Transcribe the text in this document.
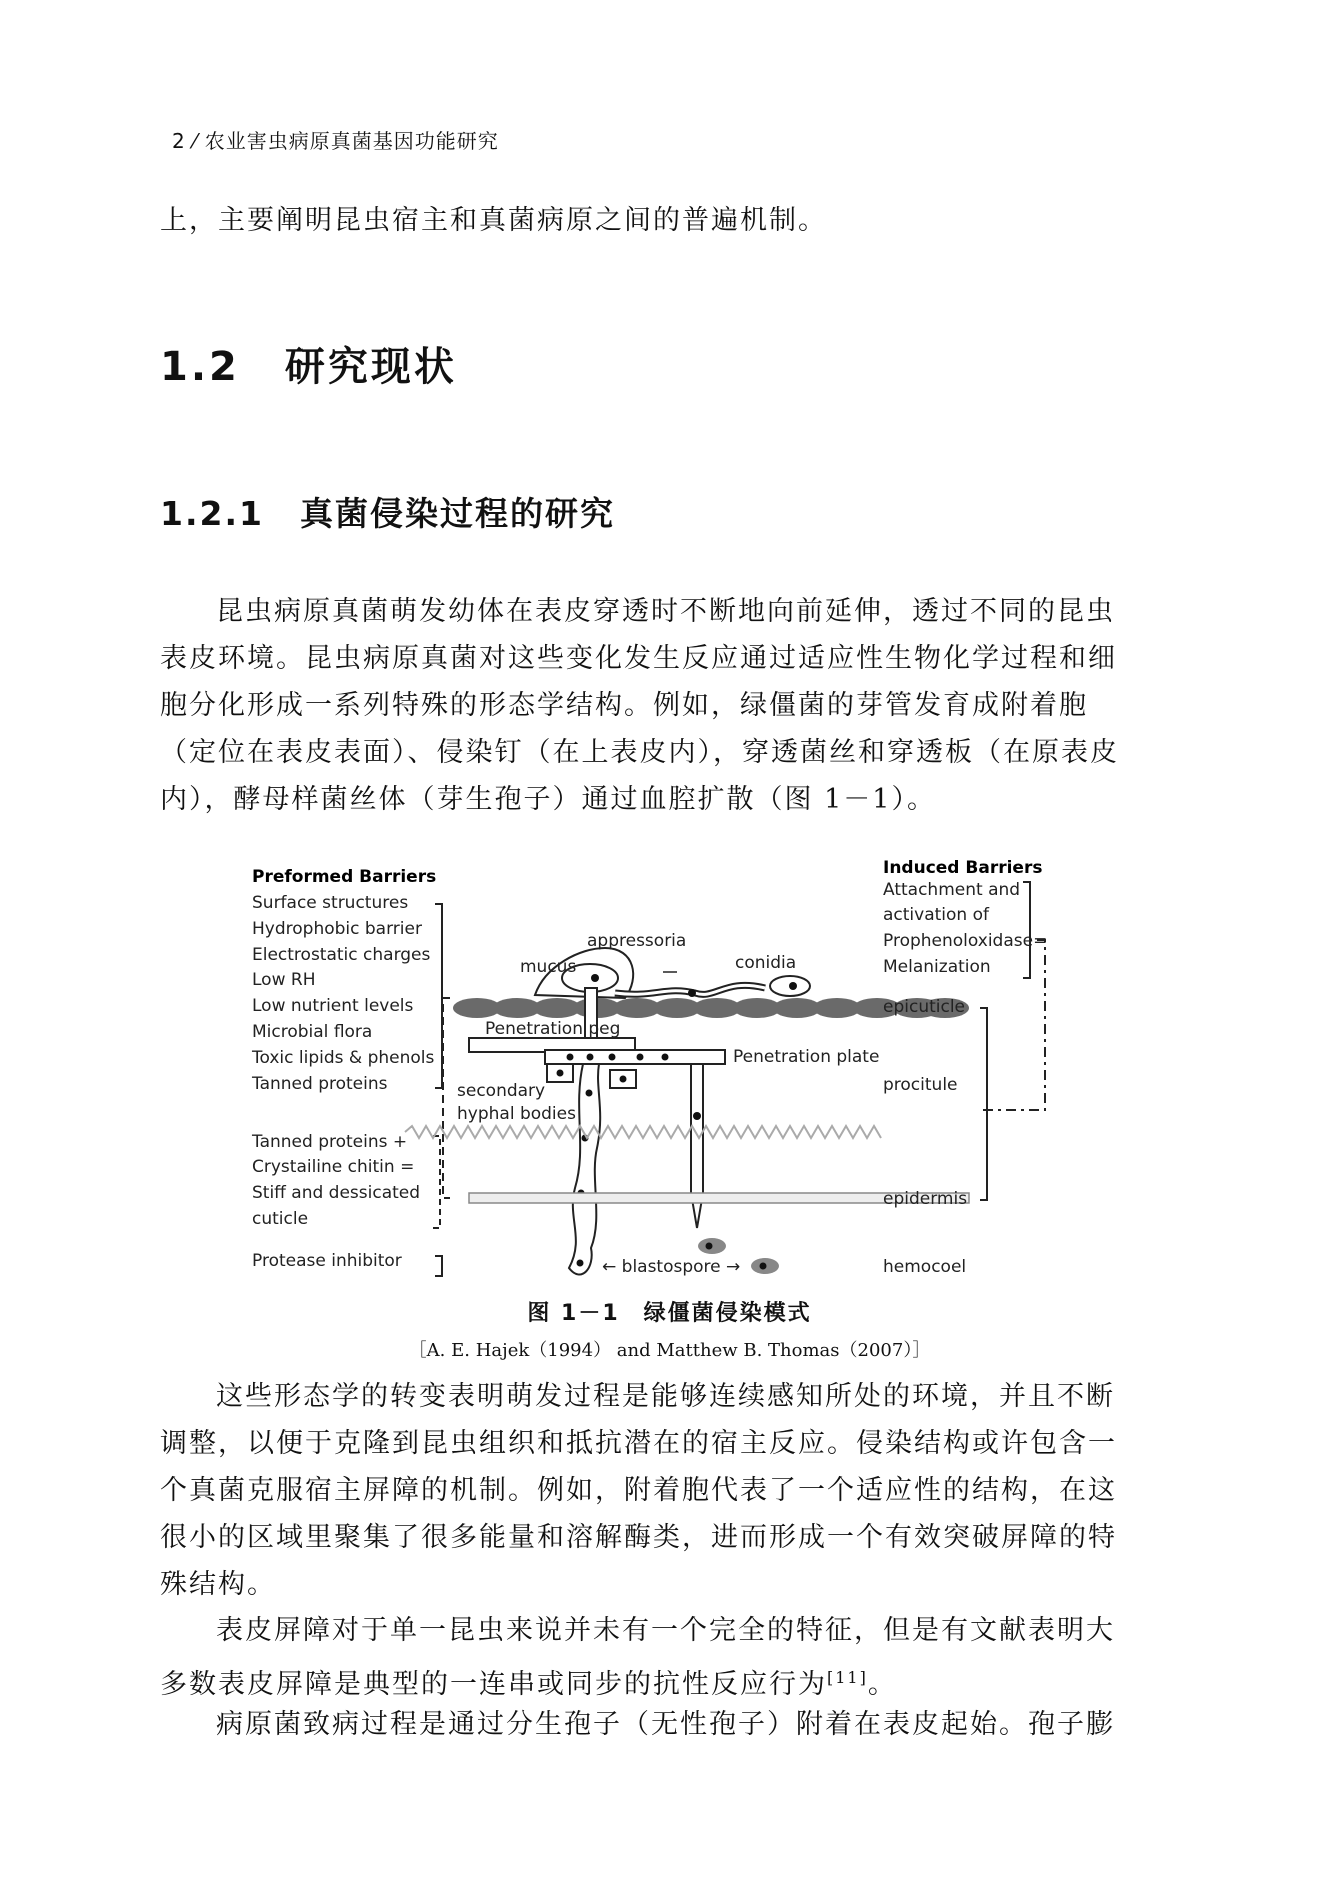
2 ⁄ 农业害虫病原真菌基因功能研究
上，主要阐明昆虫宿主和真菌病原之间的普遍机制。
1.2 研究现状
1.2.1 真菌侵染过程的研究
昆虫病原真菌萌发幼体在表皮穿透时不断地向前延伸，透过不同的昆虫
表皮环境。昆虫病原真菌对这些变化发生反应通过适应性生物化学过程和细
胞分化形成一系列特殊的形态学结构。例如，绿僵菌的芽管发育成附着胞
（定位在表皮表面）、侵染钉（在上表皮内），穿透菌丝和穿透板（在原表皮
内），酵母样菌丝体（芽生孢子）通过血腔扩散（图 1－1）。
Preformed Barriers
Surface structures
Hydrophobic barrier
Electrostatic charges
Low RH
Low nutrient levels
Microbial flora
Toxic lipids & phenols
Tanned proteins
Tanned proteins +
Crystailine chitin =
Stiff and dessicated
cuticle
Protease inhibitor
mucus
appressoria
conidia
Penetration peg
Penetration plate
secondary
hyphal bodies
← blastospore →
Induced Barriers
Attachment and
activation of
Prophenoloxidase=
Melanization
epicuticle
procitule
epidermis
hemocoel
图 1－1　绿僵菌侵染模式
［A. E. Hajek（1994） and Matthew B. Thomas（2007）］
这些形态学的转变表明萌发过程是能够连续感知所处的环境，并且不断
调整，以便于克隆到昆虫组织和抵抗潜在的宿主反应。侵染结构或许包含一
个真菌克服宿主屏障的机制。例如，附着胞代表了一个适应性的结构，在这
很小的区域里聚集了很多能量和溶解酶类，进而形成一个有效突破屏障的特
殊结构。
表皮屏障对于单一昆虫来说并未有一个完全的特征，但是有文献表明大
多数表皮屏障是典型的一连串或同步的抗性反应行为[11]。
病原菌致病过程是通过分生孢子（无性孢子）附着在表皮起始。孢子膨
